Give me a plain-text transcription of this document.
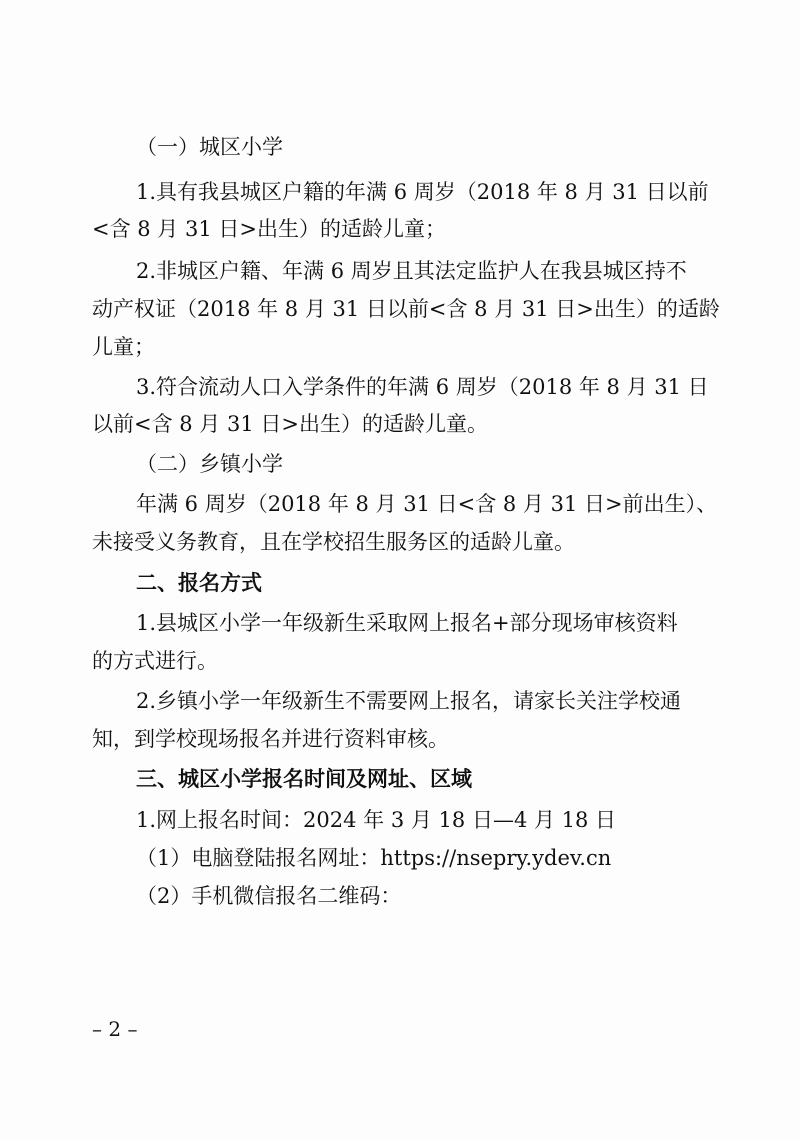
（一）城区小学
1.具有我县城区户籍的年满 6 周岁（2018 年 8 月 31 日以前
<含 8 月 31 日>出生）的适龄儿童；
2.非城区户籍、年满 6 周岁且其法定监护人在我县城区持不
动产权证（2018 年 8 月 31 日以前<含 8 月 31 日>出生）的适龄
儿童；
3.符合流动人口入学条件的年满 6 周岁（2018 年 8 月 31 日
以前<含 8 月 31 日>出生）的适龄儿童。
（二）乡镇小学
年满 6 周岁（2018 年 8 月 31 日<含 8 月 31 日>前出生）、
未接受义务教育，且在学校招生服务区的适龄儿童。
二、报名方式
1.县城区小学一年级新生采取网上报名+部分现场审核资料
的方式进行。
2.乡镇小学一年级新生不需要网上报名，请家长关注学校通
知，到学校现场报名并进行资料审核。
三、城区小学报名时间及网址、区域
1.网上报名时间：2024 年 3 月 18 日—4 月 18 日
（1）电脑登陆报名网址：https://nsepry.ydev.cn
（2）手机微信报名二维码：
– 2 –
